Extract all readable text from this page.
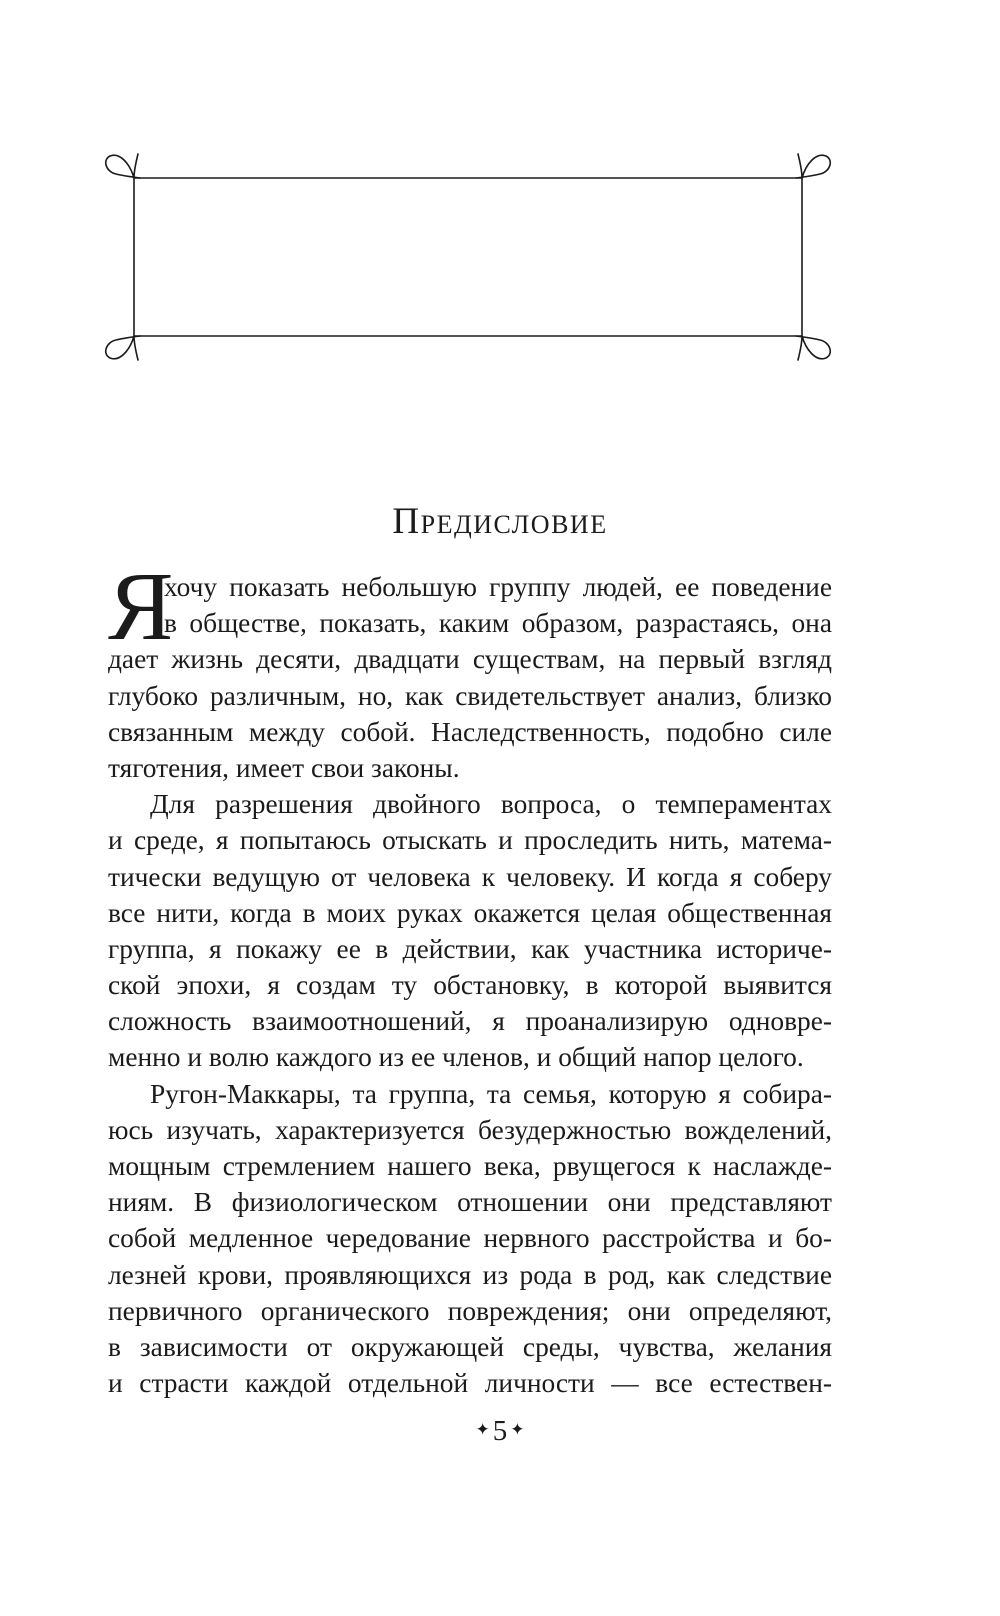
Предисловие
Я
хочу показать небольшую группу людей, ее поведение
в обществе, показать, каким образом, разрастаясь, она
дает жизнь десяти, двадцати существам, на первый взгляд
глубоко различным, но, как свидетельствует анализ, близко
связанным между собой. Наследственность, подобно силе
тяготения, имеет свои законы.
Для разрешения двойного вопроса, о темпераментах
и среде, я попытаюсь отыскать и проследить нить, матема-
тически ведущую от человека к человеку. И когда я соберу
все нити, когда в моих руках окажется целая общественная
группа, я покажу ее в действии, как участника историче-
ской эпохи, я создам ту обстановку, в которой выявится
сложность взаимоотношений, я проанализирую одновре-
менно и волю каждого из ее членов, и общий напор целого.
Ругон-Маккары, та группа, та семья, которую я собира-
юсь изучать, характеризуется безудержностью вожделений,
мощным стремлением нашего века, рвущегося к наслажде-
ниям. В физиологическом отношении они представляют
собой медленное чередование нервного расстройства и бо-
лезней крови, проявляющихся из рода в род, как следствие
первичного органического повреждения; они определяют,
в зависимости от окружающей среды, чувства, желания
и страсти каждой отдельной личности — все естествен-
✦ 5 ✦
